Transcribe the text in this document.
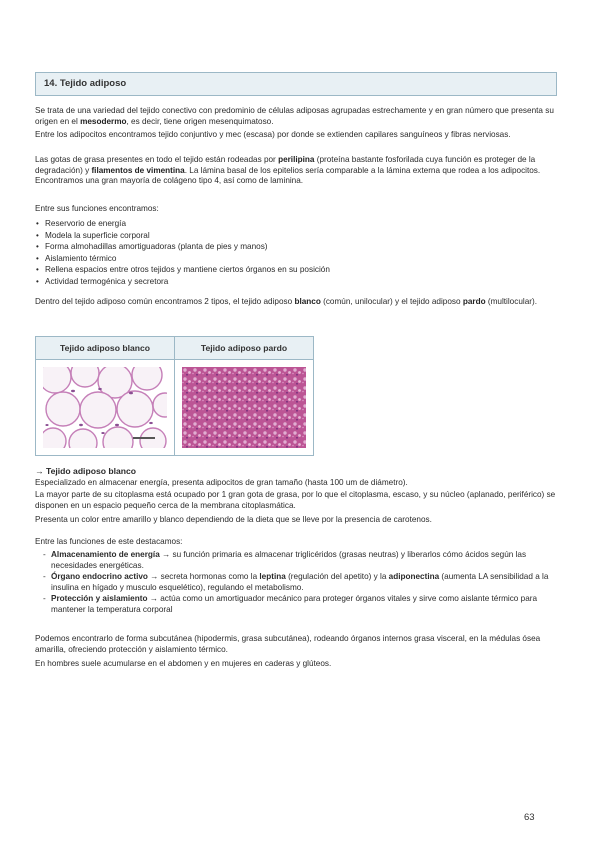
14. Tejido adiposo

Se trata de una variedad del tejido conectivo con predominio de células adiposas agrupadas estrechamente y en gran número que presenta su origen en el mesodermo, es decir, tiene origen mesenquimatoso.

Entre los adipocitos encontramos tejido conjuntivo y mec (escasa) por donde se extienden capilares sanguíneos y fibras nerviosas.

Las gotas de grasa presentes en todo el tejido están rodeadas por perilipina (proteína bastante fosforilada cuya función es proteger de la degradación) y filamentos de vimentina. La lámina basal de los epitelios sería comparable a la lámina externa que rodea a los adipocitos. Encontramos una gran mayoría de colágeno tipo 4, así como de laminina.

Entre sus funciones encontramos:

• Reservorio de energía
• Modela la superficie corporal
• Forma almohadillas amortiguadoras (planta de pies y manos)
• Aislamiento térmico
• Rellena espacios entre otros tejidos y mantiene ciertos órganos en su posición
• Actividad termogénica y secretora

Dentro del tejido adiposo común encontramos 2 tipos, el tejido adiposo blanco (común, unilocular) y el tejido adiposo pardo (multilocular).

Tejido adiposo blanco	Tejido adiposo pardo

→ Tejido adiposo blanco

Especializado en almacenar energía, presenta adipocitos de gran tamaño (hasta 100 um de diámetro).

La mayor parte de su citoplasma está ocupado por 1 gran gota de grasa, por lo que el citoplasma, escaso, y su núcleo (aplanado, periférico) se disponen en un espacio pequeño cerca de la membrana citoplasmática.

Presenta un color entre amarillo y blanco dependiendo de la dieta que se lleve por la presencia de carotenos.

Entre las funciones de este destacamos:

- Almacenamiento de energía → su función primaria es almacenar triglicéridos (grasas neutras) y liberarlos cómo ácidos según las necesidades energéticas.
- Órgano endocrino activo → secreta hormonas como la leptina (regulación del apetito) y la adiponectina (aumenta LA sensibilidad a la insulina en hígado y musculo esquelético), regulando el metabolismo.
- Protección y aislamiento → actúa como un amortiguador mecánico para proteger órganos vitales y sirve como aislante térmico para mantener la temperatura corporal

Podemos encontrarlo de forma subcutánea (hipodermis, grasa subcutánea), rodeando órganos internos grasa visceral, en la médulas ósea amarilla, ofreciendo protección y aislamiento térmico.

En hombres suele acumularse en el abdomen y en mujeres en caderas y glúteos.

63
